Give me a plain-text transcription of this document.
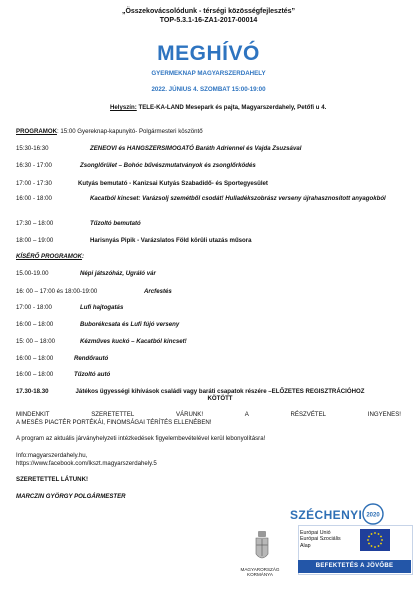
„Összekovácsolódunk - térségi közösségfejlesztés”
TOP-5.3.1-16-ZA1-2017-00014
MEGHÍVÓ
GYERMEKNAP MAGYARSZERDAHELY
2022. JÚNIUS 4. SZOMBAT 15:00-19:00
Helyszín: TELE-KA-LAND Mesepark és pajta, Magyarszerdahely, Petőfi u 4.
PROGRAMOK: 15:00 Gyereknap-kapunyitó- Polgármesteri köszöntő
15:30-16:30	ZENEOVI és HANGSZERSIMOGATÓ Baráth Adriennel és Vajda Zsuzsával
16:30 - 17:00	Zsonglőrület – Bohóc bűvészmutatványok és zsonglőrködés
17:00 - 17:30	Kutyás bemutató - Kanizsai Kutyás Szabadidő- és Sportegyesület
16:00 - 18:00	Kacatból kincset: Varázsolj szemétből csodát! Hulladékszobrász verseny újrahasznosított anyagokból
17:30 – 18:00	Tűzoltó bemutató
18:00 – 19:00	Harisnyás Pipik - Varázslatos Föld körüli utazás műsora
KÍSÉRŐ PROGRAMOK:
15.00-19.00	Népi játszóház, Ugráló vár
16: 00 – 17:00 és 18:00-19:00	Arcfestés
17:00 - 18:00	Lufi hajtogatás
16:00 – 18:00	Buborékcsata és Lufi fújó verseny
15: 00 – 18:00	Kézműves kuckó – Kacatból kincset!
16:00 – 18:00	Rendőrautó
16:00 – 18:00	Tűzoltó autó
17.30-18.30	Játékos ügyességi kihívások családi vagy baráti csapatok részére –ELŐZETES REGISZTRÁCIÓHOZ KÖTÖTT
MINDENKIT	SZERETETTEL	VÁRUNK!	A	RÉSZVÉTEL	INGYENES!
A MESÉS PIACTÉR PORTÉKÁI, FINOMSÁGAI TÉRÍTÉS ELLENÉBEN!
A program az aktuális járványhelyzeti intézkedések figyelembevételével kerül lebonyolításra!
Info:magyarszerdahely.hu,
https://www.facebook.com/lkszt.magyarszerdahely.5
SZERETETTEL LÁTUNK!
MARCZIN GYÖRGY POLGÁRMESTER
SZÉCHENYI 2020
MAGYARORSZÁG KORMÁNYA
Európai Unió
Európai Szociális
Alap
BEFEKTETÉS A JÖVŐBE
